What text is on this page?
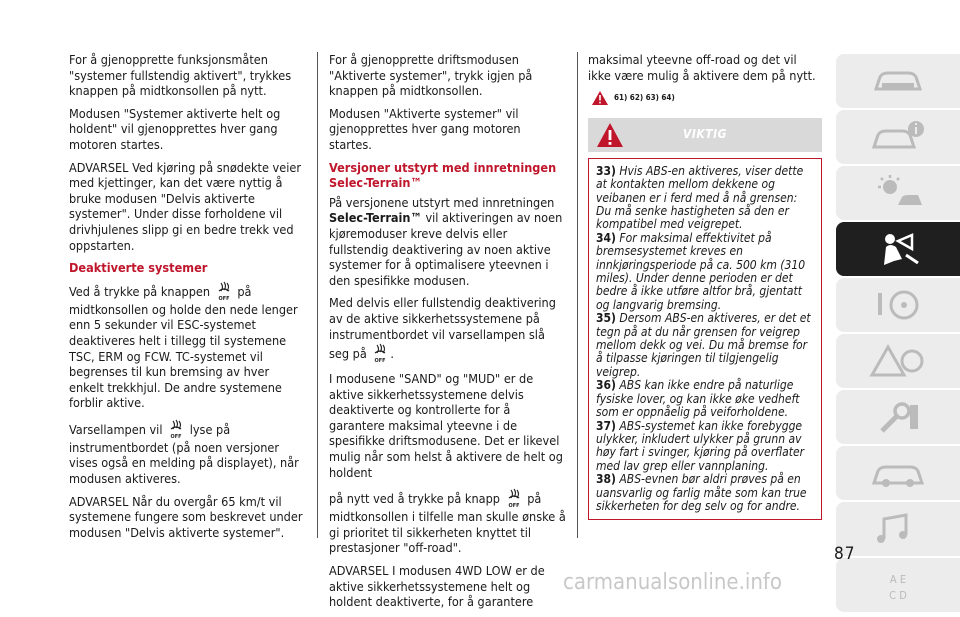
For å gjenopprette funksjonsmåten "systemer fullstendig aktivert", trykkes knappen på midtkonsollen på nytt.

Modusen "Systemer aktiverte helt og holdent" vil gjenopprettes hver gang motoren startes.

ADVARSEL Ved kjøring på snødekte veier med kjettinger, kan det være nyttig å bruke modusen "Delvis aktiverte systemer". Under disse forholdene vil drivhjulenes slipp gi en bedre trekk ved oppstarten.

Deaktiverte systemer

Ved å trykke på knappen på midtkonsollen og holde den nede lenger enn 5 sekunder vil ESC-systemet deaktiveres helt i tillegg til systemene TSC, ERM og FCW. TC-systemet vil begrenses til kun bremsing av hver enkelt trekkhjul. De andre systemene forblir aktive.

Varsellampen vil lyse på instrumentbordet (på noen versjoner vises også en melding på displayet), når modusen aktiveres.

ADVARSEL Når du overgår 65 km/t vil systemene fungere som beskrevet under modusen "Delvis aktiverte systemer".

For å gjenopprette driftsmodusen "Aktiverte systemer", trykk igjen på knappen på midtkonsollen.

Modusen "Aktiverte systemer" vil gjenopprettes hver gang motoren startes.

Versjoner utstyrt med innretningen Selec-Terrain™

På versjonene utstyrt med innretningen Selec-Terrain™ vil aktiveringen av noen kjøremoduser kreve delvis eller fullstendig deaktivering av noen aktive systemer for å optimalisere yteevnen i den spesifikke modusen.

Med delvis eller fullstendig deaktivering av de aktive sikkerhetssystemene på instrumentbordet vil varsellampen slå seg på .

I modusene "SAND" og "MUD" er de aktive sikkerhetssystemene delvis deaktiverte og kontrollerte for å garantere maksimal yteevne i de spesifikke driftsmodusene. Det er likevel mulig når som helst å aktivere de helt og holdent

på nytt ved å trykke på knapp på midtkonsollen i tilfelle man skulle ønske å gi prioritet til sikkerheten knyttet til prestasjoner "off-road".

ADVARSEL I modusen 4WD LOW er de aktive sikkerhetssystemene helt og holdent deaktiverte, for å garantere

maksimal yteevne off-road og det vil ikke være mulig å aktivere dem på nytt.

61) 62) 63) 64)
VIKTIG

33) Hvis ABS-en aktiveres, viser dette at kontakten mellom dekkene og veibanen er i ferd med å nå grensen: Du må senke hastigheten så den er kompatibel med veigrepet.

34) For maksimal effektivitet på bremsesystemet kreves en innkjøringsperiode på ca. 500 km (310 miles). Under denne perioden er det bedre å ikke utføre altfor brå, gjentatt og langvarig bremsing.

35) Dersom ABS-en aktiveres, er det et tegn på at du når grensen for veigrep mellom dekk og vei. Du må bremse for å tilpasse kjøringen til tilgjengelig veigrep.

36) ABS kan ikke endre på naturlige fysiske lover, og kan ikke øke vedheft som er oppnåelig på veiforholdene.

37) ABS-systemet kan ikke forebygge ulykker, inkludert ulykker på grunn av høy fart i svinger, kjøring på overflater med lav grep eller vannplaning.

38) ABS-evnen bør aldri prøves på en uansvarlig og farlig måte som kan true sikkerheten for deg selv og for andre.

A E
C D
87
carmanualsonline.info
